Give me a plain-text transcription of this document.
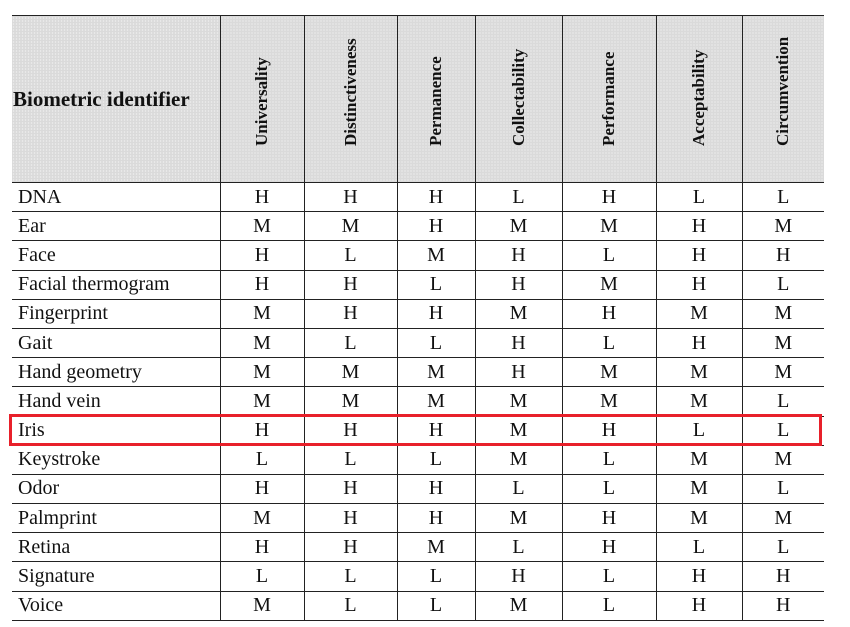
Biometric identifier	Universality	Distinctiveness	Permanence	Collectability	Performance	Acceptability	Circumvention

DNA	H	H	H	L	H	L	L
Ear	M	M	H	M	M	H	M
Face	H	L	M	H	L	H	H
Facial thermogram	H	H	L	H	M	H	L
Fingerprint	M	H	H	M	H	M	M
Gait	M	L	L	H	L	H	M
Hand geometry	M	M	M	H	M	M	M
Hand vein	M	M	M	M	M	M	L
Iris	H	H	H	M	H	L	L
Keystroke	L	L	L	M	L	M	M
Odor	H	H	H	L	L	M	L
Palmprint	M	H	H	M	H	M	M
Retina	H	H	M	L	H	L	L
Signature	L	L	L	H	L	H	H
Voice	M	L	L	M	L	H	H
